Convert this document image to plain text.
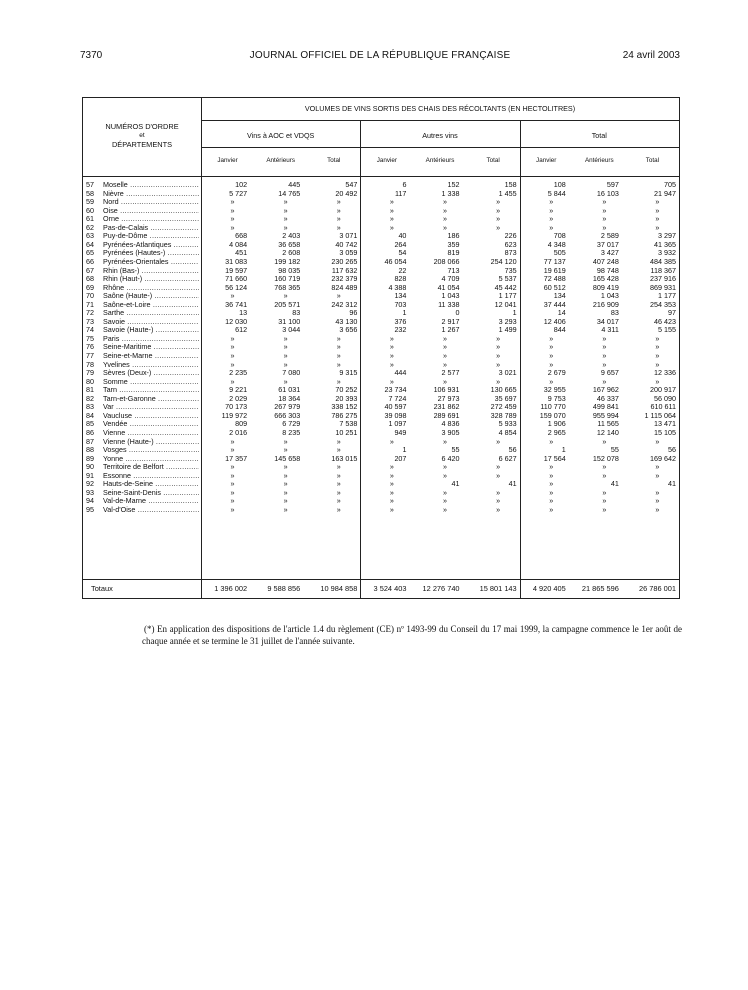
7370	JOURNAL OFFICIEL DE LA RÉPUBLIQUE FRANÇAISE	24 avril 2003
NUMÉROS D'ORDRE
et
DÉPARTEMENTS
VOLUMES DE VINS SORTIS DES CHAIS DES RÉCOLTANTS (EN HECTOLITRES)
57	Moselle .....	102	445	547	6	152	158	108	597	705
58	Nièvre .....	5 727	14 765	20 492	117	1 338	1 455	5 844	16 103	21 947
59	Nord .....	»	»	»	»	»	»	»	»	»
60	Oise .....	»	»	»	»	»	»	»	»	»
61	Orne .....	»	»	»	»	»	»	»	»	»
62	Pas-de-Calais .....	»	»	»	»	»	»	»	»	»
63	Puy-de-Dôme .....	668	2 403	3 071	40	186	226	708	2 589	3 297
64	Pyrénées-Atlantiques .....	4 084	36 658	40 742	264	359	623	4 348	37 017	41 365
65	Pyrénées (Hautes-) .....	451	2 608	3 059	54	819	873	505	3 427	3 932
66	Pyrénées-Orientales .....	31 083	199 182	230 265	46 054	208 066	254 120	77 137	407 248	484 385
67	Rhin (Bas-) .....	19 597	98 035	117 632	22	713	735	19 619	98 748	118 367
68	Rhin (Haut-) .....	71 660	160 719	232 379	828	4 709	5 537	72 488	165 428	237 916
69	Rhône .....	56 124	768 365	824 489	4 388	41 054	45 442	60 512	809 419	869 931
70	Saône (Haute-) .....	»	»	»	134	1 043	1 177	134	1 043	1 177
71	Saône-et-Loire .....	36 741	205 571	242 312	703	11 338	12 041	37 444	216 909	254 353
72	Sarthe .....	13	83	96	1	0	1	14	83	97
73	Savoie .....	12 030	31 100	43 130	376	2 917	3 293	12 406	34 017	46 423
74	Savoie (Haute-) .....	612	3 044	3 656	232	1 267	1 499	844	4 311	5 155
75	Paris .....	»	»	»	»	»	»	»	»	»
76	Seine-Maritime .....	»	»	»	»	»	»	»	»	»
77	Seine-et-Marne .....	»	»	»	»	»	»	»	»	»
78	Yvelines .....	»	»	»	»	»	»	»	»	»
79	Sèvres (Deux-) .....	2 235	7 080	9 315	444	2 577	3 021	2 679	9 657	12 336
80	Somme .....	»	»	»	»	»	»	»	»	»
81	Tarn .....	9 221	61 031	70 252	23 734	106 931	130 665	32 955	167 962	200 917
82	Tarn-et-Garonne .....	2 029	18 364	20 393	7 724	27 973	35 697	9 753	46 337	56 090
83	Var .....	70 173	267 979	338 152	40 597	231 862	272 459	110 770	499 841	610 611
84	Vaucluse .....	119 972	666 303	786 275	39 098	289 691	328 789	159 070	955 994	1 115 064
85	Vendée .....	809	6 729	7 538	1 097	4 836	5 933	1 906	11 565	13 471
86	Vienne .....	2 016	8 235	10 251	949	3 905	4 854	2 965	12 140	15 105
87	Vienne (Haute-) .....	»	»	»	»	»	»	»	»	»
88	Vosges .....	»	»	»	1	55	56	1	55	56
89	Yonne .....	17 357	145 658	163 015	207	6 420	6 627	17 564	152 078	169 642
90	Territoire de Belfort .....	»	»	»	»	»	»	»	»	»
91	Essonne .....	»	»	»	»	»	»	»	»	»
92	Hauts-de-Seine .....	»	»	»	»	41	41	»	41	41
93	Seine-Saint-Denis .....	»	»	»	»	»	»	»	»	»
94	Val-de-Marne .....	»	»	»	»	»	»	»	»	»
95	Val-d'Oise .....	»	»	»	»	»	»	»	»	»
Totaux	1 396 002	9 588 856	10 984 858	3 524 403	12 276 740	15 801 143	4 920 405	21 865 596	26 786 001
Vins à AOC et VDQS
Janvier	Antérieurs	Total
Autres vins
Janvier	Antérieurs	Total
Total
Janvier	Antérieurs	Total

(*) En application des dispositions de l'article 1.4 du règlement (CE) nº 1493-99 du Conseil du 17 mai 1999, la campagne commence le 1er août de chaque année et se termine le 31 juillet de l'année suivante.
